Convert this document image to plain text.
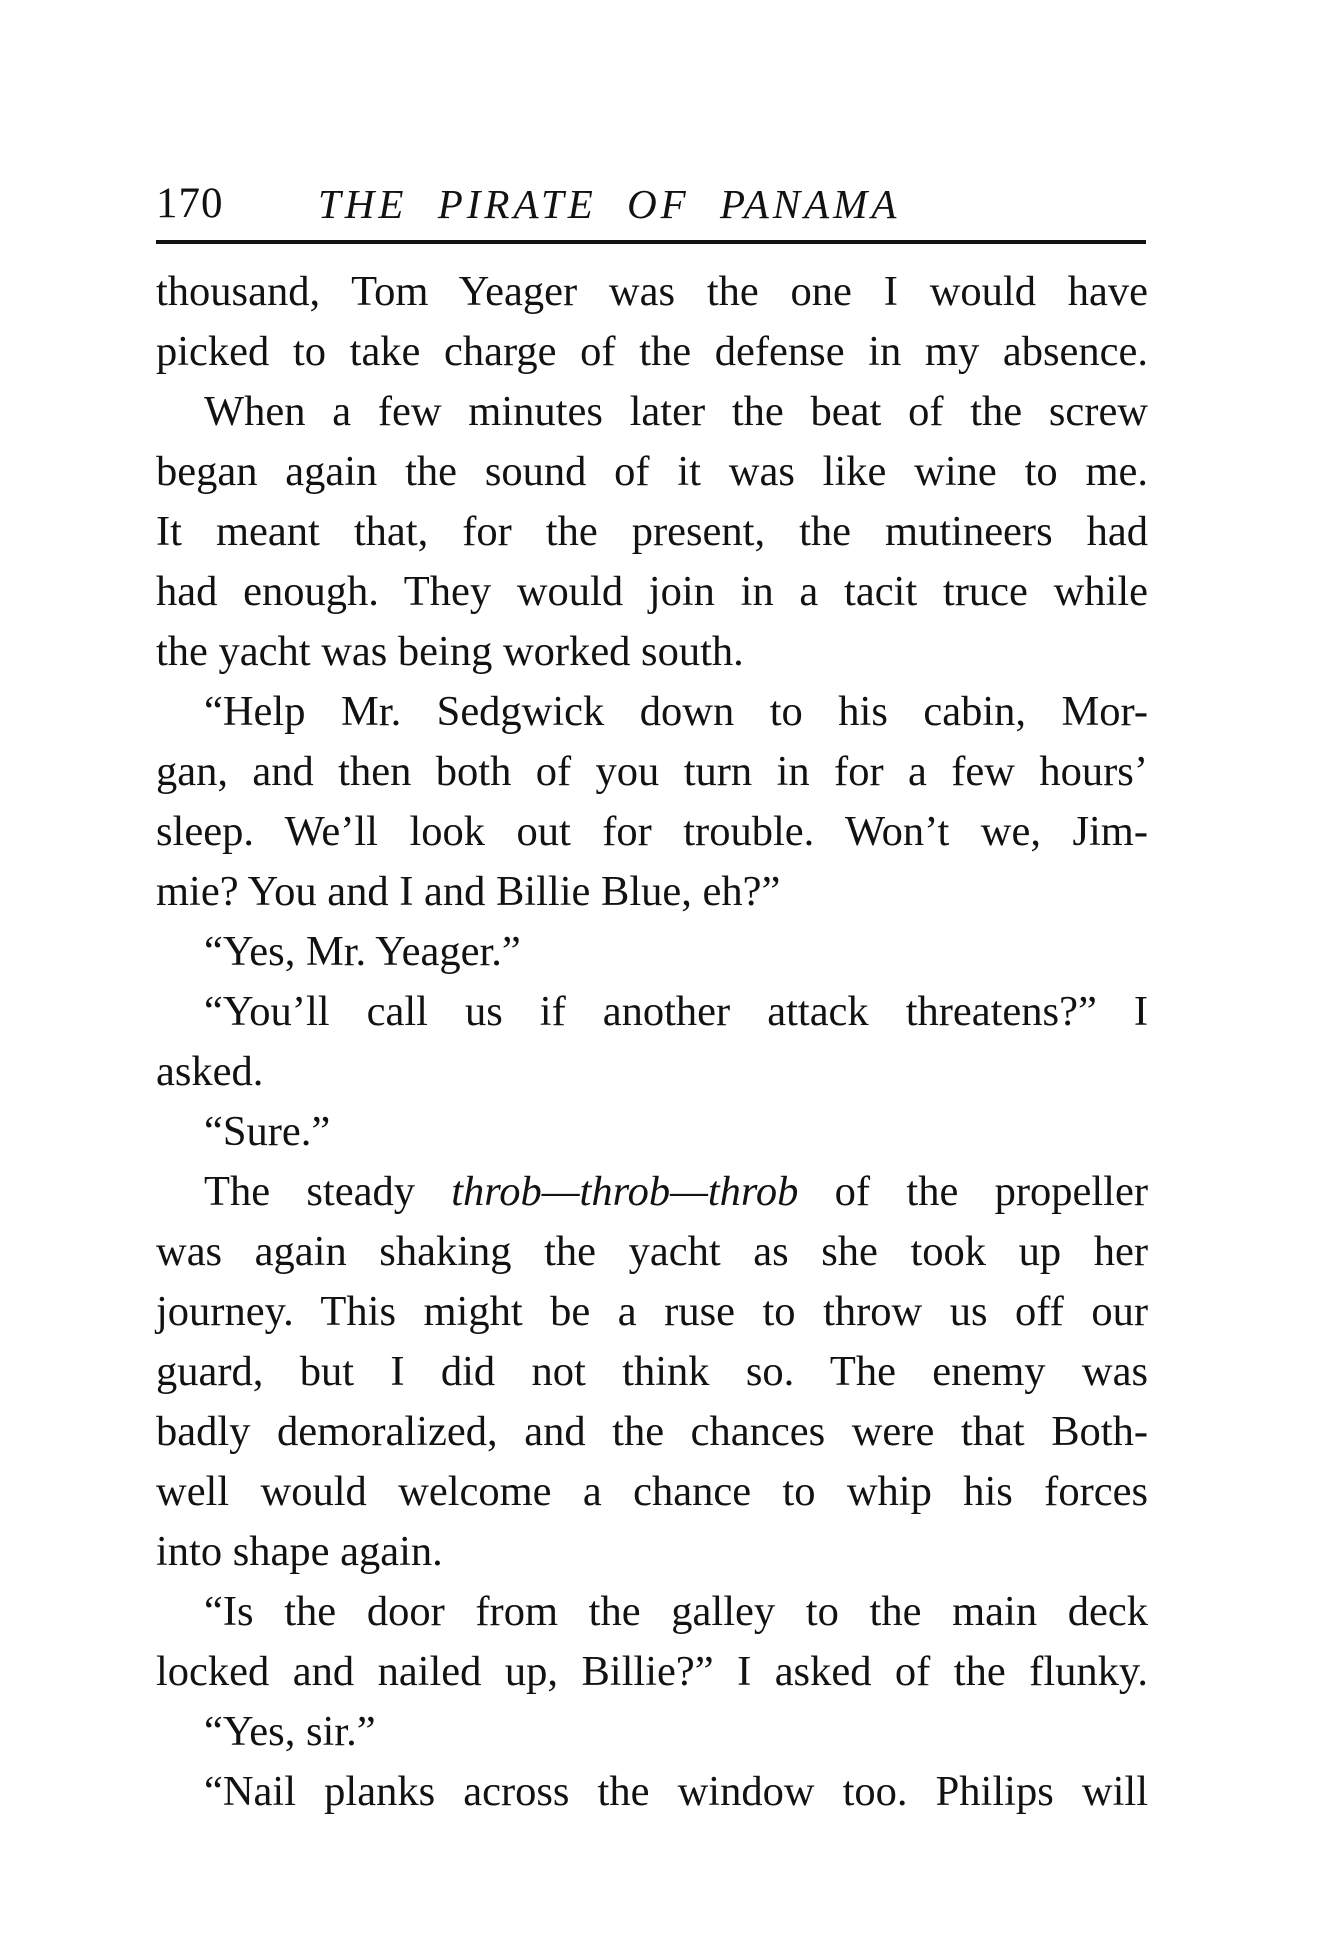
170 THE PIRATE OF PANAMA
thousand, Tom Yeager was the one I would have
picked to take charge of the defense in my absence.
When a few minutes later the beat of the screw
began again the sound of it was like wine to me.
It meant that, for the present, the mutineers had
had enough. They would join in a tacit truce while
the yacht was being worked south.
“Help Mr. Sedgwick down to his cabin, Mor-
gan, and then both of you turn in for a few hours’
sleep. We’ll look out for trouble. Won’t we, Jim-
mie? You and I and Billie Blue, eh?”
“Yes, Mr. Yeager.”
“You’ll call us if another attack threatens?” I
asked.
“Sure.”
The steady throb—throb—throb of the propeller
was again shaking the yacht as she took up her
journey. This might be a ruse to throw us off our
guard, but I did not think so. The enemy was
badly demoralized, and the chances were that Both-
well would welcome a chance to whip his forces
into shape again.
“Is the door from the galley to the main deck
locked and nailed up, Billie?” I asked of the flunky.
“Yes, sir.”
“Nail planks across the window too. Philips will
